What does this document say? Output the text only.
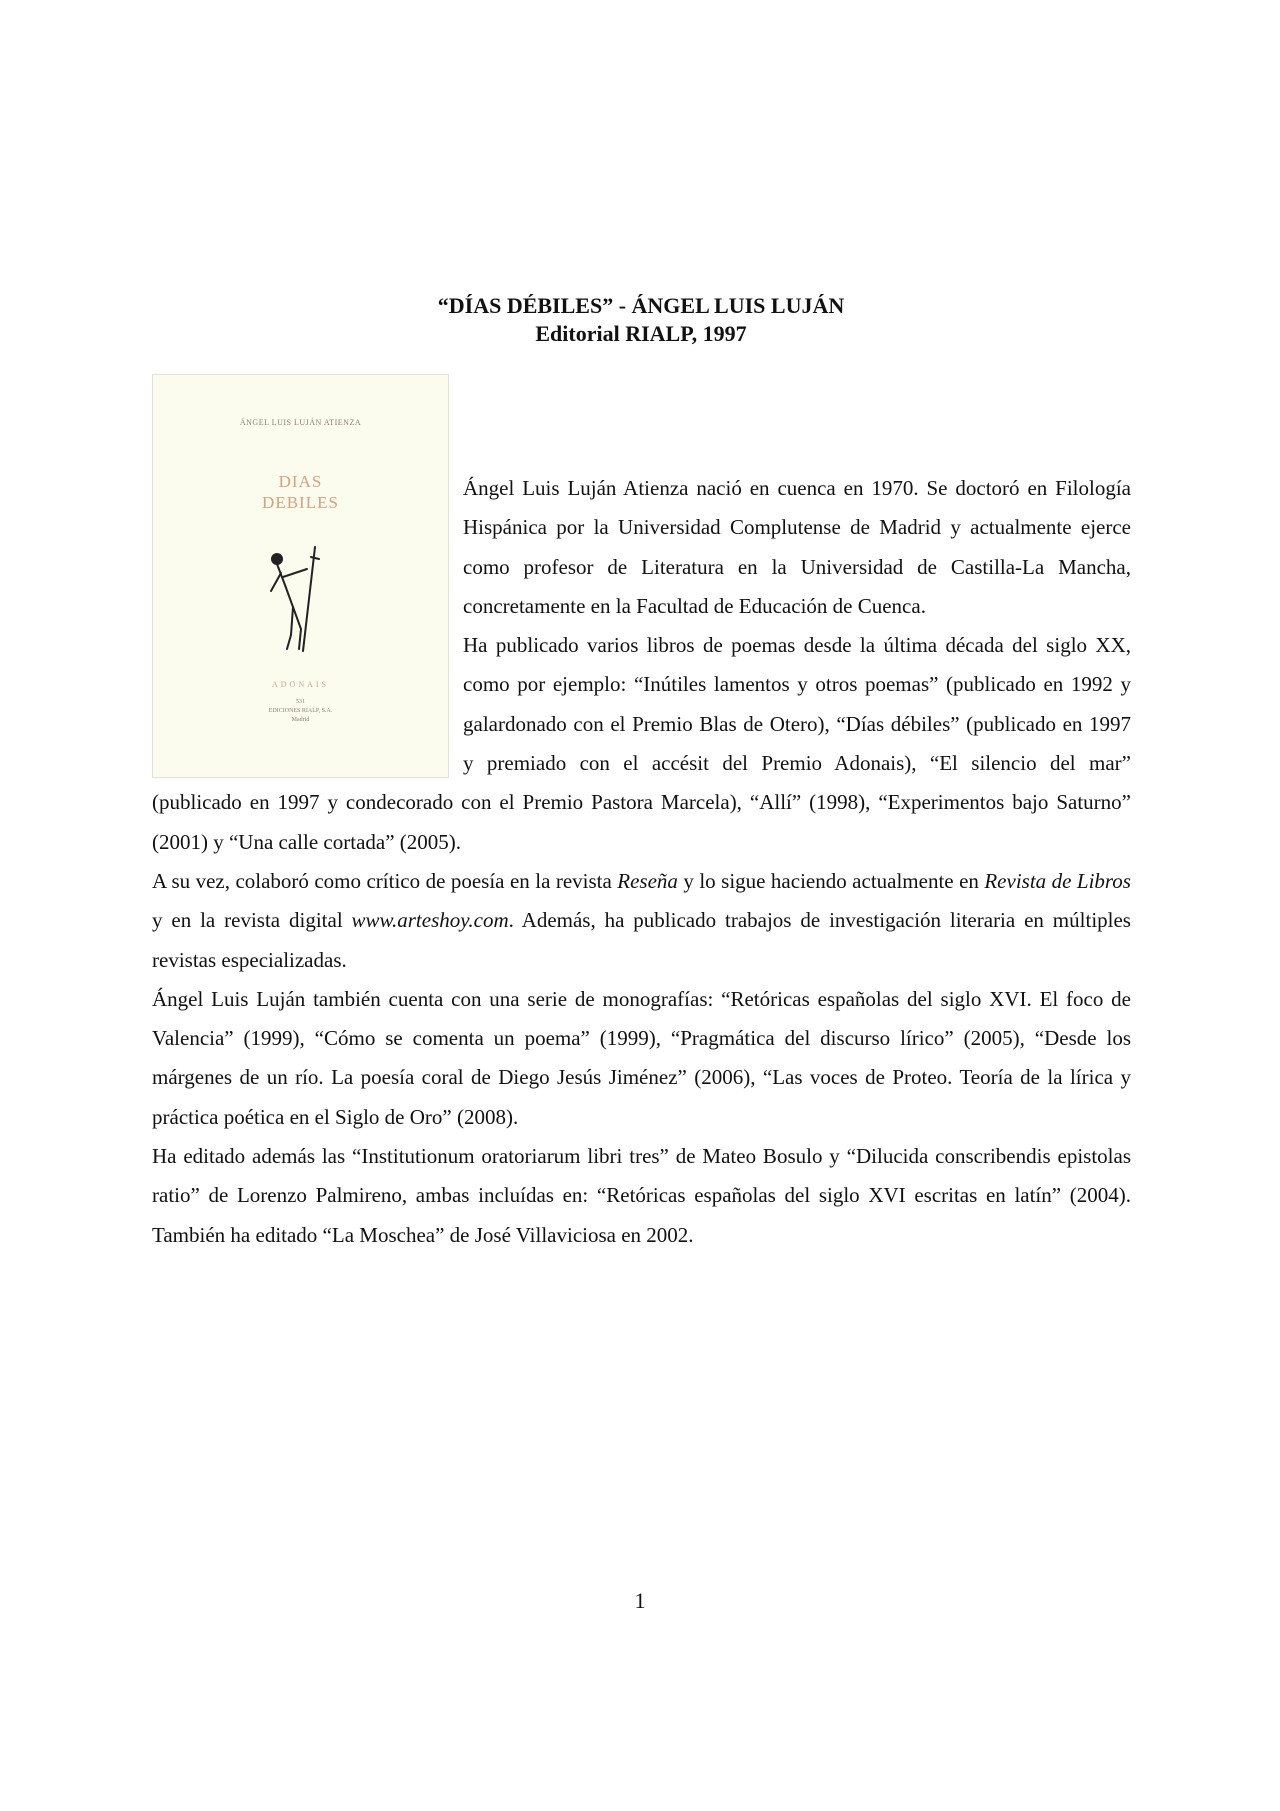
“DÍAS DÉBILES” - ÁNGEL LUIS LUJÁN
Editorial RIALP, 1997
ÁNGEL LUIS LUJÁN ATIENZA
DIAS
DEBILES
ADONAIS
531
EDICIONES RIALP, S.A.
Madrid

Ángel Luis Luján Atienza nació en cuenca en 1970. Se doctoró en Filología Hispánica por la Universidad Complutense de Madrid y actualmente ejerce como profesor de Literatura en la Universidad de Castilla-La Mancha, concretamente en la Facultad de Educación de Cuenca.

Ha publicado varios libros de poemas desde la última década del siglo XX, como por ejemplo: “Inútiles lamentos y otros poemas” (publicado en 1992 y galardonado con el Premio Blas de Otero), “Días débiles” (publicado en 1997 y premiado con el accésit del Premio Adonais), “El silencio del mar” (publicado en 1997 y condecorado con el Premio Pastora Marcela), “Allí” (1998), “Experimentos bajo Saturno” (2001) y “Una calle cortada” (2005).

A su vez, colaboró como crítico de poesía en la revista Reseña y lo sigue haciendo actualmente en Revista de Libros y en la revista digital www.arteshoy.com. Además, ha publicado trabajos de investigación literaria en múltiples revistas especializadas.

Ángel Luis Luján también cuenta con una serie de monografías: “Retóricas españolas del siglo XVI. El foco de Valencia” (1999), “Cómo se comenta un poema” (1999), “Pragmática del discurso lírico” (2005), “Desde los márgenes de un río. La poesía coral de Diego Jesús Jiménez” (2006), “Las voces de Proteo. Teoría de la lírica y práctica poética en el Siglo de Oro” (2008).

Ha editado además las “Institutionum oratoriarum libri tres” de Mateo Bosulo y “Dilucida conscribendis epistolas ratio” de Lorenzo Palmireno, ambas incluídas en: “Retóricas españolas del siglo XVI escritas en latín” (2004). También ha editado “La Moschea” de José Villaviciosa en 2002.

1
